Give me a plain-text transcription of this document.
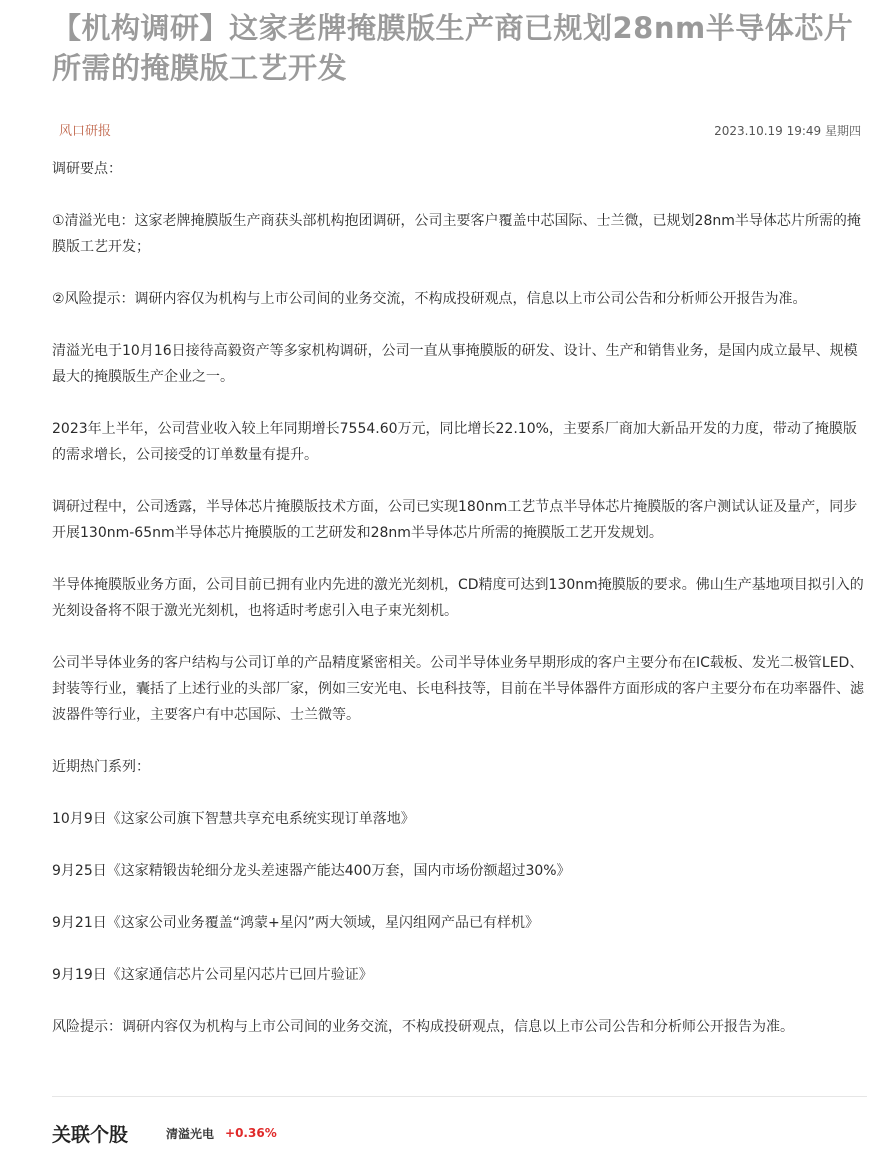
【机构调研】这家老牌掩膜版生产商已规划28nm半导体芯片所需的掩膜版工艺开发
风口研报	2023.10.19 19:49 星期四

调研要点：

①清溢光电：这家老牌掩膜版生产商获头部机构抱团调研，公司主要客户覆盖中芯国际、士兰微，已规划28nm半导体芯片所需的掩膜版工艺开发；

②风险提示：调研内容仅为机构与上市公司间的业务交流，不构成投研观点，信息以上市公司公告和分析师公开报告为准。

清溢光电于10月16日接待高毅资产等多家机构调研，公司一直从事掩膜版的研发、设计、生产和销售业务，是国内成立最早、规模最大的掩膜版生产企业之一。

2023年上半年，公司营业收入较上年同期增长7554.60万元，同比增长22.10%，主要系厂商加大新品开发的力度，带动了掩膜版的需求增长，公司接受的订单数量有提升。

调研过程中，公司透露，半导体芯片掩膜版技术方面，公司已实现180nm工艺节点半导体芯片掩膜版的客户测试认证及量产，同步开展130nm-65nm半导体芯片掩膜版的工艺研发和28nm半导体芯片所需的掩膜版工艺开发规划。

半导体掩膜版业务方面，公司目前已拥有业内先进的激光光刻机，CD精度可达到130nm掩膜版的要求。佛山生产基地项目拟引入的光刻设备将不限于激光光刻机，也将适时考虑引入电子束光刻机。

公司半导体业务的客户结构与公司订单的产品精度紧密相关。公司半导体业务早期形成的客户主要分布在IC载板、发光二极管LED、封装等行业，囊括了上述行业的头部厂家，例如三安光电、长电科技等，目前在半导体器件方面形成的客户主要分布在功率器件、滤波器件等行业，主要客户有中芯国际、士兰微等。

近期热门系列：

10月9日《这家公司旗下智慧共享充电系统实现订单落地》

9月25日《这家精锻齿轮细分龙头差速器产能达400万套，国内市场份额超过30%》

9月21日《这家公司业务覆盖“鸿蒙+星闪”两大领域，星闪组网产品已有样机》

9月19日《这家通信芯片公司星闪芯片已回片验证》

风险提示：调研内容仅为机构与上市公司间的业务交流，不构成投研观点，信息以上市公司公告和分析师公开报告为准。

关联个股	清溢光电 +0.36%
